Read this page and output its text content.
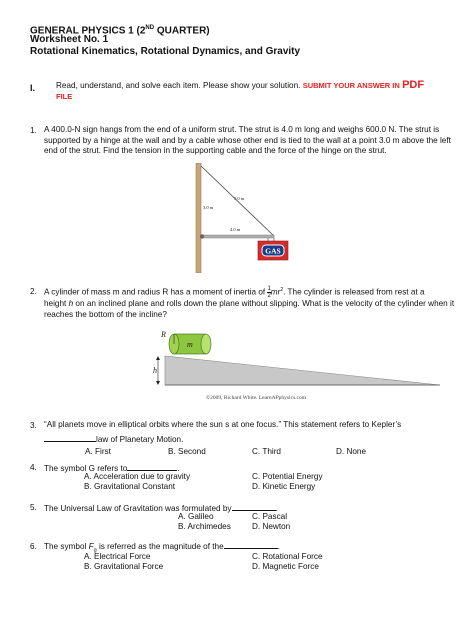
GENERAL PHYSICS 1 (2ND QUARTER)
Worksheet No. 1
Rotational Kinematics, Rotational Dynamics, and Gravity
I.	Read, understand, and solve each item. Please show your solution. SUBMIT YOUR ANSWER IN PDF
FILE
1. A 400.0-N sign hangs from the end of a uniform strut. The strut is 4.0 m long and weighs 600.0 N. The strut is supported by a hinge at the wall and by a cable whose other end is tied to the wall at a point 3.0 m above the left end of the strut. Find the tension in the supporting cable and the force of the hinge on the strut.
GAS
5.0 m
3.0 m
4.0 m
2. A cylinder of mass m and radius R has a moment of inertia of $\frac{1}{2} mr^2$. The cylinder is released from rest at a
height h on an inclined plane and rolls down the plane without slipping. What is the velocity of the cylinder when it reaches the bottom of the incline?
h
R
m
©2009, Richard White. LearnAPphysics.com
3. “All planets move in elliptical orbits where the sun s at one focus.” This statement refers to Kepler’s
law of Planetary Motion.
A. First	B. Second	C. Third	D. None
4. The symbol G refers to	.
A. Acceleration due to gravity
B. Gravitational Constant
C. Potential Energy
D. Kinetic Energy
5. The Universal Law of Gravitation was formulated by	.
A. Galileo
B. Archimedes
C. Pascal
D. Newton
6. The symbol $F_g$ is referred as the magnitude of the	.
A. Electrical Force
B. Gravitational Force
C. Rotational Force
D. Magnetic Force
